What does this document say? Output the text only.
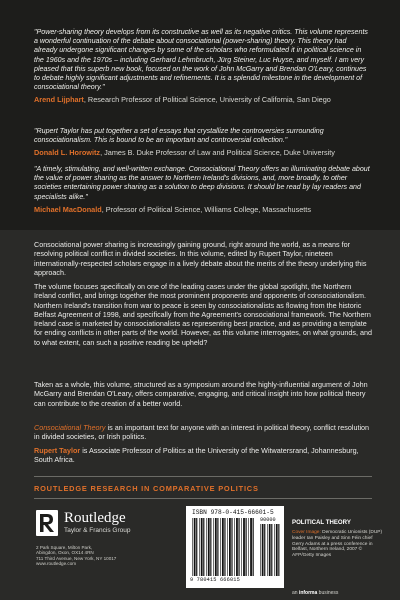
"Power-sharing theory develops from its constructive as well as its negative critics. This volume represents a wonderful continuation of the debate about consociational (power-sharing) theory. This theory had already undergone significant changes by some of the scholars who reformulated it in political science in the 1960s and the 1970s – including Gerhard Lehmbruch, Jürg Steiner, Luc Huyse, and myself. I am very pleased that this superb new book, focused on the work of John McGarry and Brendan O'Leary, continues to debate highly significant adjustments and refinements. It is a splendid milestone in the development of consociational theory."

Arend Lijphart, Research Professor of Political Science, University of California, San Diego

"Rupert Taylor has put together a set of essays that crystallize the controversies surrounding consociationalism. This is bound to be an important and controversial collection."

Donald L. Horowitz, James B. Duke Professor of Law and Political Science, Duke University

"A timely, stimulating, and well-written exchange. Consociational Theory offers an illuminating debate about the value of power sharing as the answer to Northern Ireland's divisions, and, more broadly, to other societies entertaining power sharing as a solution to deep divisions. It should be read by lay readers and specialists alike."

Michael MacDonald, Professor of Political Science, Williams College, Massachusetts

Consociational power sharing is increasingly gaining ground, right around the world, as a means for resolving political conflict in divided societies. In this volume, edited by Rupert Taylor, nineteen internationally-respected scholars engage in a lively debate about the merits of the theory underlying this approach.

The volume focuses specifically on one of the leading cases under the global spotlight, the Northern Ireland conflict, and brings together the most prominent proponents and opponents of consociationalism. Northern Ireland's transition from war to peace is seen by consociationalists as flowing from the historic Belfast Agreement of 1998, and specifically from the Agreement's consociational framework. The Northern Ireland case is marketed by consociationalists as representing best practice, and as providing a template for ending conflicts in other parts of the world. However, as this volume interrogates, on what grounds, and to what extent, can such a positive reading be upheld?

Taken as a whole, this volume, structured as a symposium around the highly-influential argument of John McGarry and Brendan O'Leary, offers comparative, engaging, and critical insight into how political theory can contribute to the creation of a better world.

Consociational Theory is an important text for anyone with an interest in political theory, conflict resolution in divided societies, or Irish politics.

Rupert Taylor is Associate Professor of Politics at the University of the Witwatersrand, Johannesburg, South Africa.

ROUTLEDGE RESEARCH IN COMPARATIVE POLITICS
Routledge
Taylor & Francis Group
2 Park Square, Milton Park,
Abingdon, Oxon, OX14 4RN
711 Third Avenue, New York, NY 10017
www.routledge.com
ISBN 978-0-415-66601-5
90000
9 780415 666015
POLITICAL THEORY
Cover Image: Democratic Unionists (DUP) leader Ian Paisley and Sinn Féin chief Gerry Adams at a press conference in Belfast, Northern Ireland, 2007 © AFP/Getty Images
an informa business
